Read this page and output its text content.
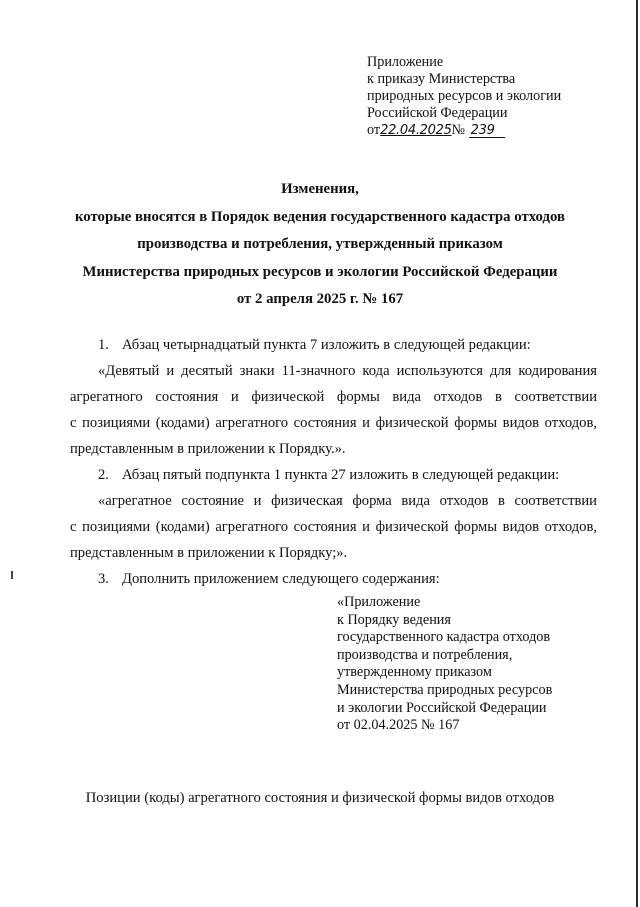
Приложение
к приказу Министерства
природных ресурсов и экологии
Российской Федерации
от22.04.2025№ 239
Изменения,
которые вносятся в Порядок ведения государственного кадастра отходов
производства и потребления, утвержденный приказом
Министерства природных ресурсов и экологии Российской Федерации
от 2 апреля 2025 г. № 167
1. Абзац четырнадцатый пункта 7 изложить в следующей редакции:
«Девятый и десятый знаки 11-значного кода используются для кодирования
агрегатного состояния и физической формы вида отходов в соответствии
с позициями (кодами) агрегатного состояния и физической формы видов отходов,
представленным в приложении к Порядку.».
2. Абзац пятый подпункта 1 пункта 27 изложить в следующей редакции:
«агрегатное состояние и физическая форма вида отходов в соответствии
с позициями (кодами) агрегатного состояния и физической формы видов отходов,
представленным в приложении к Порядку;».
3. Дополнить приложением следующего содержания:
«Приложение
к Порядку ведения
государственного кадастра отходов
производства и потребления,
утвержденному приказом
Министерства природных ресурсов
и экологии Российской Федерации
от 02.04.2025 № 167
Позиции (коды) агрегатного состояния и физической формы видов отходов
